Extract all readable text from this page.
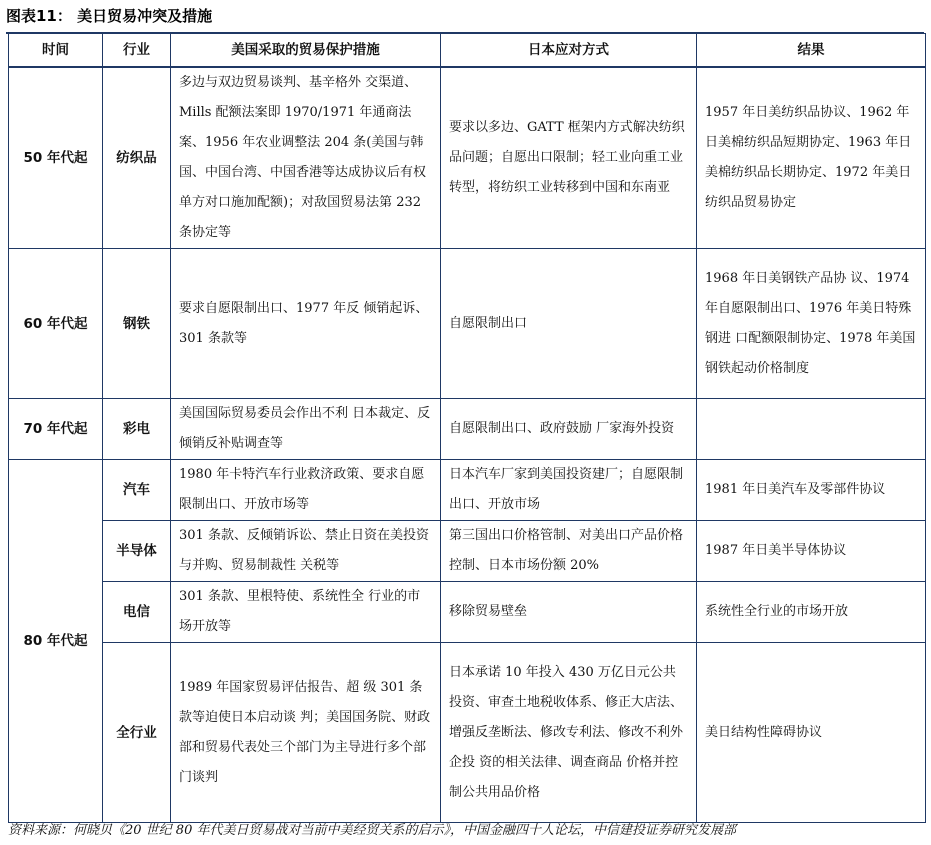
图表11： 美日贸易冲突及措施
时间	行业	美国采取的贸易保护措施	日本应对方式	结果
50 年代起	纺织品	多边与双边贸易谈判、基辛格外 交渠道、Mills 配额法案即 1970/1971 年通商法案、1956 年农业调整法 204 条(美国与韩国、中国台湾、中国香港等达成协议后有权单方对口施加配额)；对敌国贸易法第 232 条协定等	要求以多边、GATT 框架内方式解决纺织品问题；自愿出口限制；轻工业向重工业转型，将纺织工业转移到中国和东南亚	1957 年日美纺织品协议、1962 年日美棉纺织品短期协定、1963 年日美棉纺织品长期协定、1972 年美日纺织品贸易协定
60 年代起	钢铁	要求自愿限制出口、1977 年反 倾销起诉、301 条款等	自愿限制出口	1968 年日美钢铁产品协 议、1974 年自愿限制出口、1976 年美日特殊钢进 口配额限制协定、1978 年美国钢铁起动价格制度
70 年代起	彩电	美国国际贸易委员会作出不利 日本裁定、反倾销反补贴调查等	自愿限制出口、政府鼓励 厂家海外投资	
80 年代起	汽车	1980 年卡特汽车行业救济政策、要求自愿限制出口、开放市场等	日本汽车厂家到美国投资建厂；自愿限制出口、开放市场	1981 年日美汽车及零部件协议
	半导体	301 条款、反倾销诉讼、禁止日资在美投资与并购、贸易制裁性 关税等	第三国出口价格管制、对美出口产品价格控制、日本市场份额 20%	1987 年日美半导体协议
	电信	301 条款、里根特使、系统性全 行业的市场开放等	移除贸易壁垒	系统性全行业的市场开放
	全行业	1989 年国家贸易评估报告、超 级 301 条款等迫使日本启动谈 判；美国国务院、财政部和贸易代表处三个部门为主导进行多个部门谈判	日本承诺 10 年投入 430 万亿日元公共投资、审查土地税收体系、修正大店法、增强反垄断法、修改专利法、修改不利外企投 资的相关法律、调查商品 价格并控制公共用品价格	美日结构性障碍协议
资料来源：何晓贝《20 世纪 80 年代美日贸易战对当前中美经贸关系的启示》，中国金融四十人论坛，中信建投证券研究发展部
